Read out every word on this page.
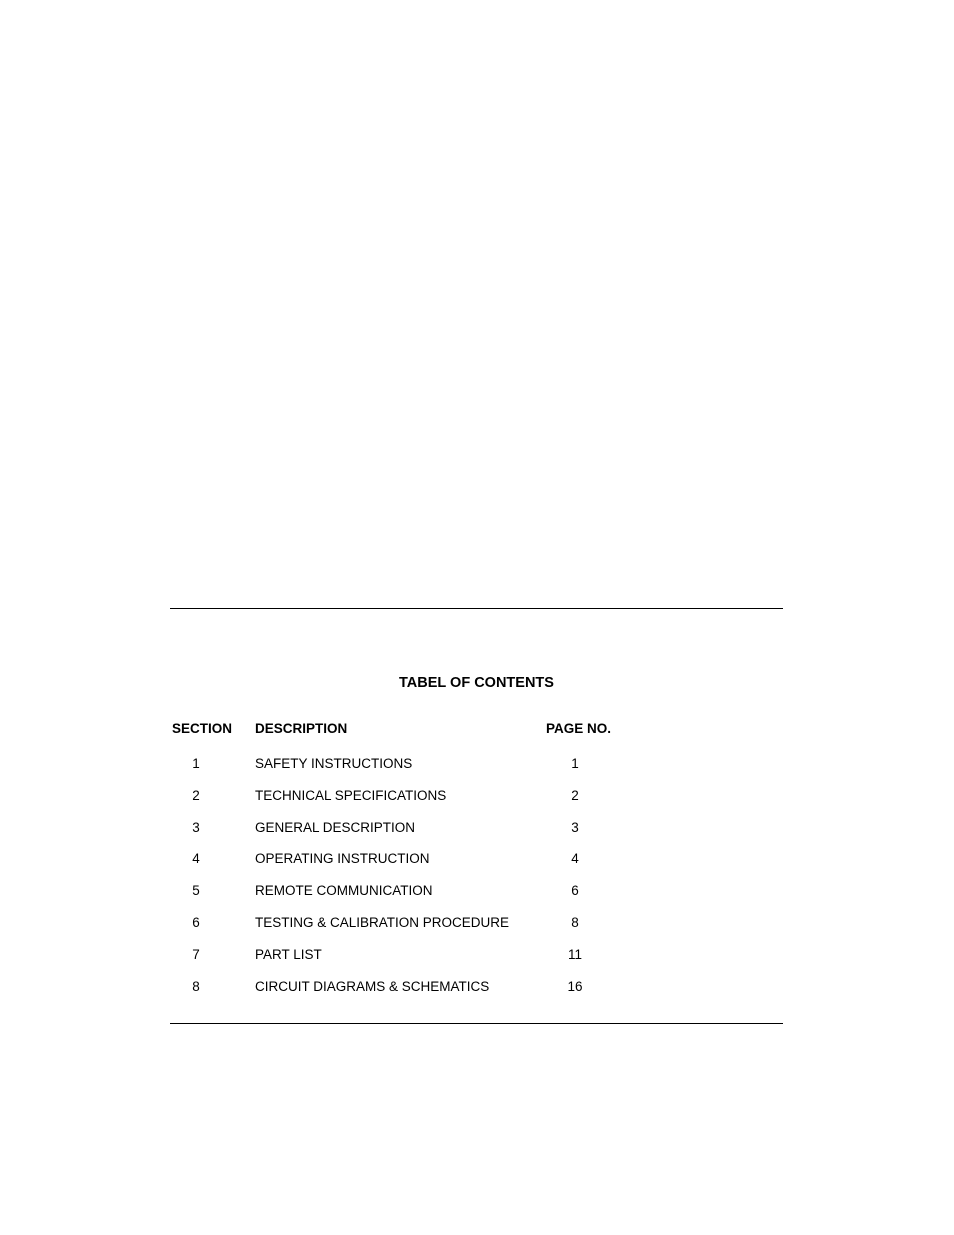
TABEL OF CONTENTS
SECTION DESCRIPTION	PAGE NO.
1	SAFETY INSTRUCTIONS	1
2	TECHNICAL SPECIFICATIONS	2
3	GENERAL DESCRIPTION	3
4	OPERATING INSTRUCTION	4
5	REMOTE COMMUNICATION	6
6	TESTING & CALIBRATION PROCEDURE	8
7	PART LIST	11
8	CIRCUIT DIAGRAMS & SCHEMATICS	16
